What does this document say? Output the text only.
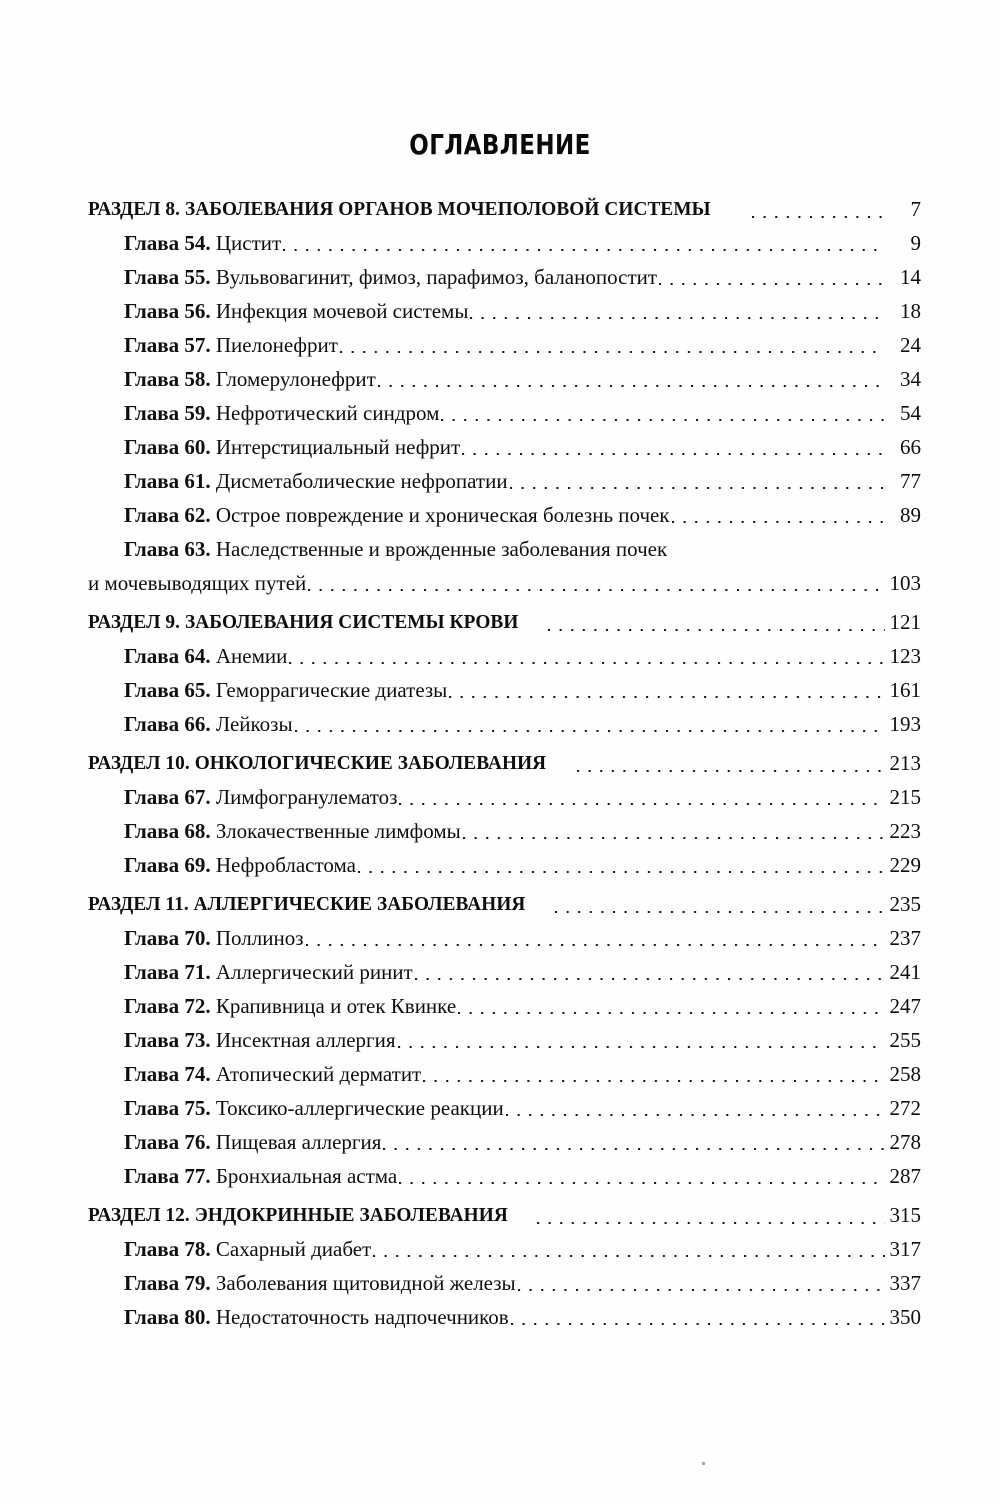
ОГЛАВЛЕНИЕ
РАЗДЕЛ 8. ЗАБОЛЕВАНИЯ ОРГАНОВ МОЧЕПОЛОВОЙ СИСТЕМЫ	7
Глава 54. Цистит	9
Глава 55. Вульвовагинит, фимоз, парафимоз, баланопостит	14
Глава 56. Инфекция мочевой системы	18
Глава 57. Пиелонефрит	24
Глава 58. Гломерулонефрит	34
Глава 59. Нефротический синдром	54
Глава 60. Интерстициальный нефрит	66
Глава 61. Дисметаболические нефропатии	77
Глава 62. Острое повреждение и хроническая болезнь почек	89
Глава 63. Наследственные и врожденные заболевания почек
и мочевыводящих путей	103
РАЗДЕЛ 9. ЗАБОЛЕВАНИЯ СИСТЕМЫ КРОВИ	121
Глава 64. Анемии	123
Глава 65. Геморрагические диатезы	161
Глава 66. Лейкозы	193
РАЗДЕЛ 10. ОНКОЛОГИЧЕСКИЕ ЗАБОЛЕВАНИЯ	213
Глава 67. Лимфогранулематоз	215
Глава 68. Злокачественные лимфомы	223
Глава 69. Нефробластома	229
РАЗДЕЛ 11. АЛЛЕРГИЧЕСКИЕ ЗАБОЛЕВАНИЯ	235
Глава 70. Поллиноз	237
Глава 71. Аллергический ринит	241
Глава 72. Крапивница и отек Квинке	247
Глава 73. Инсектная аллергия	255
Глава 74. Атопический дерматит	258
Глава 75. Токсико-аллергические реакции	272
Глава 76. Пищевая аллергия	278
Глава 77. Бронхиальная астма	287
РАЗДЕЛ 12. ЭНДОКРИННЫЕ ЗАБОЛЕВАНИЯ	315
Глава 78. Сахарный диабет	317
Глава 79. Заболевания щитовидной железы	337
Глава 80. Недостаточность надпочечников	350
